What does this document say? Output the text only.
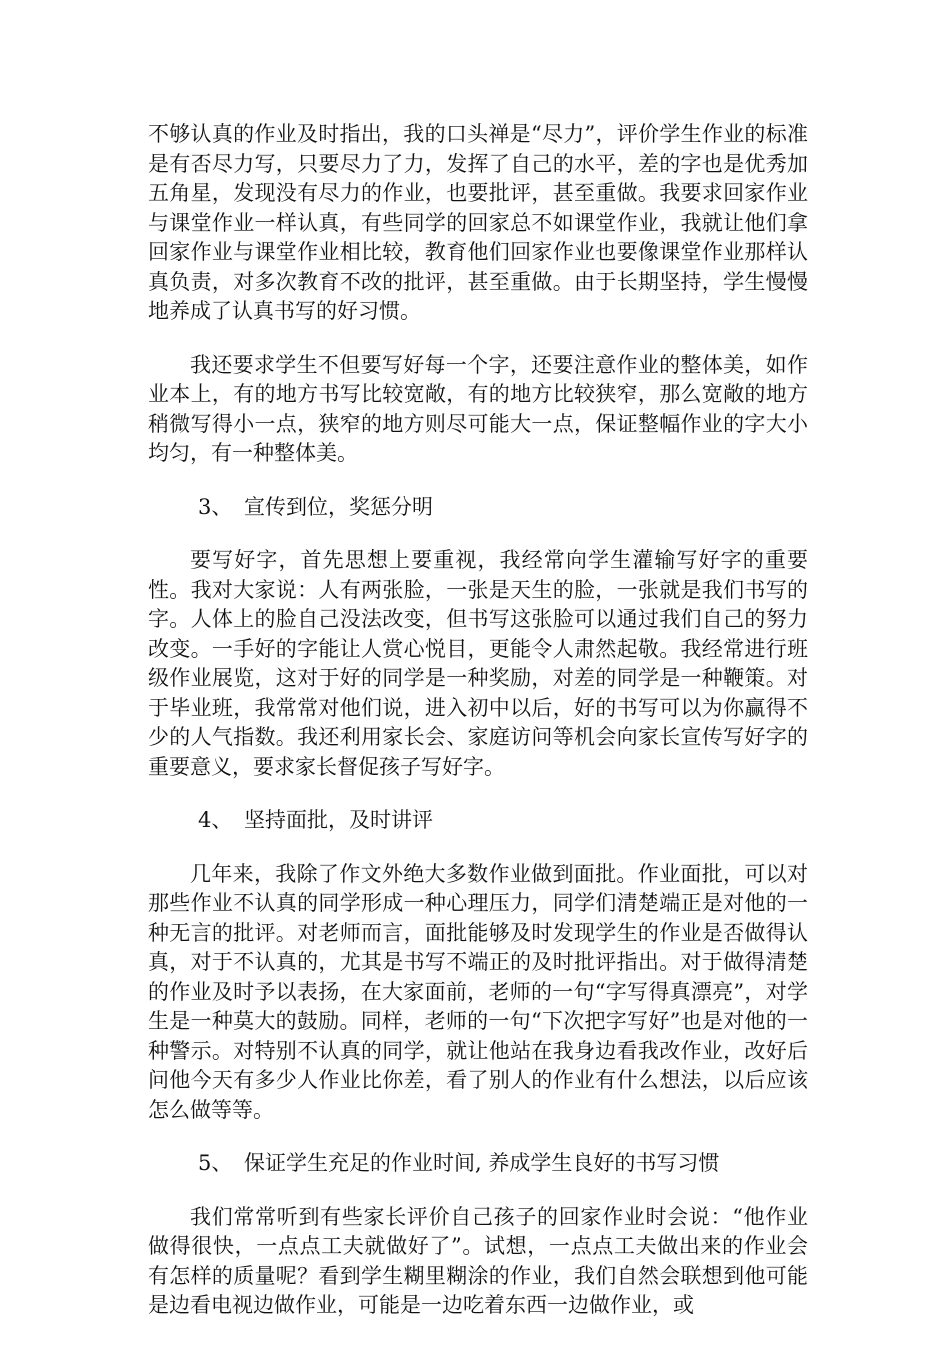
不够认真的作业及时指出，我的口头禅是“尽力”，评价学生作业的标准是有否尽力写，只要尽力了力，发挥了自己的水平，差的字也是优秀加五角星，发现没有尽力的作业，也要批评，甚至重做。我要求回家作业与课堂作业一样认真，有些同学的回家总不如课堂作业，我就让他们拿回家作业与课堂作业相比较，教育他们回家作业也要像课堂作业那样认真负责，对多次教育不改的批评，甚至重做。由于长期坚持，学生慢慢地养成了认真书写的好习惯。

我还要求学生不但要写好每一个字，还要注意作业的整体美，如作业本上，有的地方书写比较宽敞，有的地方比较狭窄，那么宽敞的地方稍微写得小一点，狭窄的地方则尽可能大一点，保证整幅作业的字大小均匀，有一种整体美。

3、 宣传到位，奖惩分明

要写好字，首先思想上要重视，我经常向学生灌输写好字的重要性。我对大家说：人有两张脸，一张是天生的脸，一张就是我们书写的字。人体上的脸自己没法改变，但书写这张脸可以通过我们自己的努力改变。一手好的字能让人赏心悦目，更能令人肃然起敬。我经常进行班级作业展览，这对于好的同学是一种奖励，对差的同学是一种鞭策。对于毕业班，我常常对他们说，进入初中以后，好的书写可以为你赢得不少的人气指数。我还利用家长会、家庭访问等机会向家长宣传写好字的重要意义，要求家长督促孩子写好字。

4、 坚持面批，及时讲评

几年来，我除了作文外绝大多数作业做到面批。作业面批，可以对那些作业不认真的同学形成一种心理压力，同学们清楚端正是对他的一种无言的批评。对老师而言，面批能够及时发现学生的作业是否做得认真，对于不认真的，尤其是书写不端正的及时批评指出。对于做得清楚的作业及时予以表扬，在大家面前，老师的一句“字写得真漂亮”，对学生是一种莫大的鼓励。同样，老师的一句“下次把字写好”也是对他的一种警示。对特别不认真的同学，就让他站在我身边看我改作业，改好后问他今天有多少人作业比你差，看了别人的作业有什么想法，以后应该怎么做等等。

5、 保证学生充足的作业时间, 养成学生良好的书写习惯

我们常常听到有些家长评价自己孩子的回家作业时会说：“他作业做得很快，一点点工夫就做好了”。试想，一点点工夫做出来的作业会有怎样的质量呢？看到学生糊里糊涂的作业，我们自然会联想到他可能是边看电视边做作业，可能是一边吃着东西一边做作业，或
